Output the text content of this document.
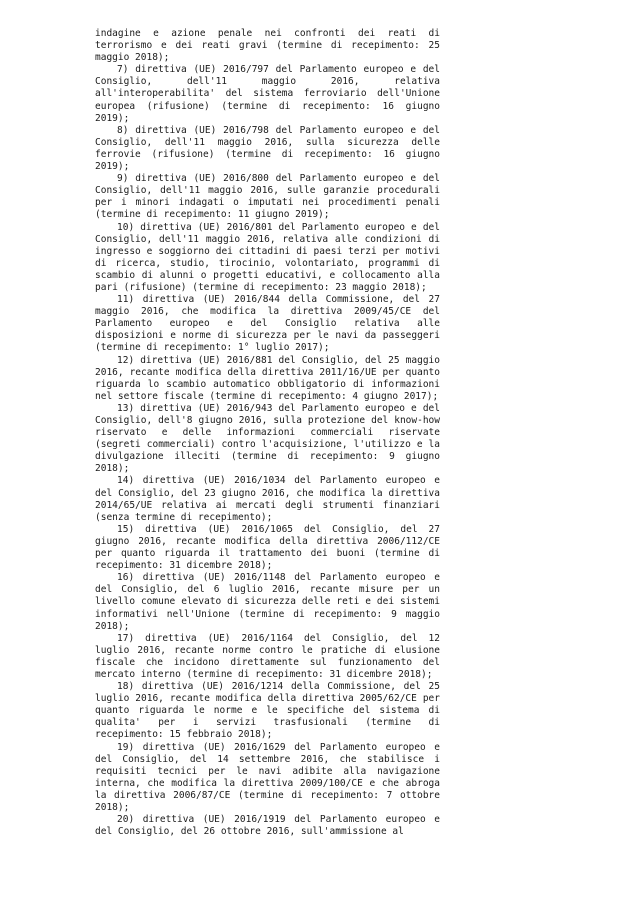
indagine e azione penale nei confronti dei reati di terrorismo e dei reati gravi (termine di recepimento: 25 maggio 2018);

7) direttiva (UE) 2016/797 del Parlamento europeo e del Consiglio, dell'11 maggio 2016, relativa all'interoperabilita' del sistema ferroviario dell'Unione europea (rifusione) (termine di recepimento: 16 giugno 2019);

8) direttiva (UE) 2016/798 del Parlamento europeo e del Consiglio, dell'11 maggio 2016, sulla sicurezza delle ferrovie (rifusione) (termine di recepimento: 16 giugno 2019);

9) direttiva (UE) 2016/800 del Parlamento europeo e del Consiglio, dell'11 maggio 2016, sulle garanzie procedurali per i minori indagati o imputati nei procedimenti penali (termine di recepimento: 11 giugno 2019);

10) direttiva (UE) 2016/801 del Parlamento europeo e del Consiglio, dell'11 maggio 2016, relativa alle condizioni di ingresso e soggiorno dei cittadini di paesi terzi per motivi di ricerca, studio, tirocinio, volontariato, programmi di scambio di alunni o progetti educativi, e collocamento alla pari (rifusione) (termine di recepimento: 23 maggio 2018);

11) direttiva (UE) 2016/844 della Commissione, del 27 maggio 2016, che modifica la direttiva 2009/45/CE del Parlamento europeo e del Consiglio relativa alle disposizioni e norme di sicurezza per le navi da passeggeri (termine di recepimento: 1° luglio 2017);

12) direttiva (UE) 2016/881 del Consiglio, del 25 maggio 2016, recante modifica della direttiva 2011/16/UE per quanto riguarda lo scambio automatico obbligatorio di informazioni nel settore fiscale (termine di recepimento: 4 giugno 2017);

13) direttiva (UE) 2016/943 del Parlamento europeo e del Consiglio, dell'8 giugno 2016, sulla protezione del know-how riservato e delle informazioni commerciali riservate (segreti commerciali) contro l'acquisizione, l'utilizzo e la divulgazione illeciti (termine di recepimento: 9 giugno 2018);

14) direttiva (UE) 2016/1034 del Parlamento europeo e del Consiglio, del 23 giugno 2016, che modifica la direttiva 2014/65/UE relativa ai mercati degli strumenti finanziari (senza termine di recepimento);

15) direttiva (UE) 2016/1065 del Consiglio, del 27 giugno 2016, recante modifica della direttiva 2006/112/CE per quanto riguarda il trattamento dei buoni (termine di recepimento: 31 dicembre 2018);

16) direttiva (UE) 2016/1148 del Parlamento europeo e del Consiglio, del 6 luglio 2016, recante misure per un livello comune elevato di sicurezza delle reti e dei sistemi informativi nell'Unione (termine di recepimento: 9 maggio 2018);

17) direttiva (UE) 2016/1164 del Consiglio, del 12 luglio 2016, recante norme contro le pratiche di elusione fiscale che incidono direttamente sul funzionamento del mercato interno (termine di recepimento: 31 dicembre 2018);

18) direttiva (UE) 2016/1214 della Commissione, del 25 luglio 2016, recante modifica della direttiva 2005/62/CE per quanto riguarda le norme e le specifiche del sistema di qualita' per i servizi trasfusionali (termine di recepimento: 15 febbraio 2018);

19) direttiva (UE) 2016/1629 del Parlamento europeo e del Consiglio, del 14 settembre 2016, che stabilisce i requisiti tecnici per le navi adibite alla navigazione interna, che modifica la direttiva 2009/100/CE e che abroga la direttiva 2006/87/CE (termine di recepimento: 7 ottobre 2018);

20) direttiva (UE) 2016/1919 del Parlamento europeo e del Consiglio, del 26 ottobre 2016, sull'ammissione al
